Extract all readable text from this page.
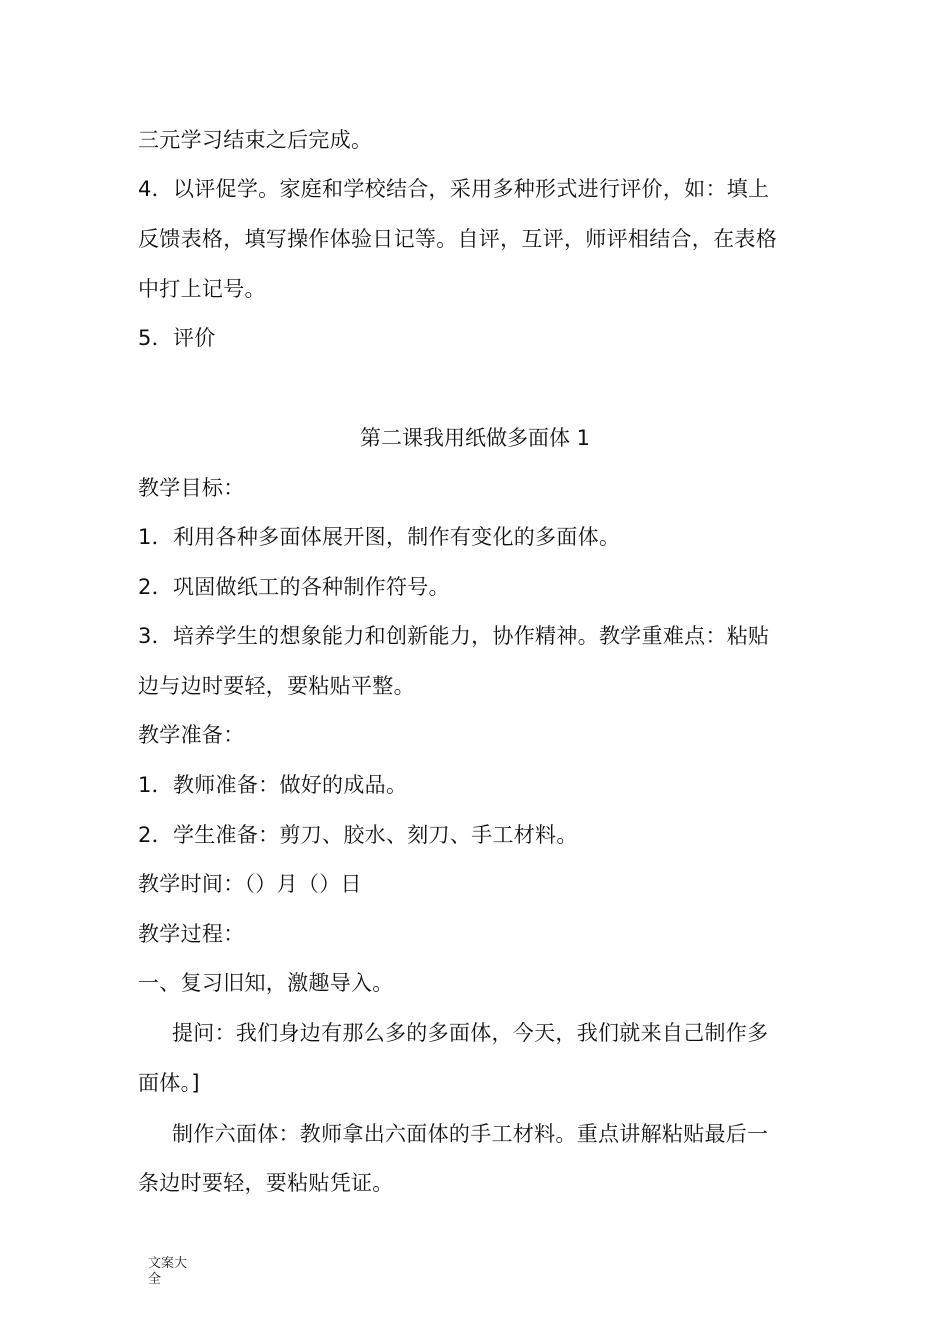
三元学习结束之后完成。
4．以评促学。家庭和学校结合，采用多种形式进行评价，如：填上
反馈表格，填写操作体验日记等。自评，互评，师评相结合，在表格
中打上记号。
5．评价
第二课我用纸做多面体 1
教学目标：
1．利用各种多面体展开图，制作有变化的多面体。
2．巩固做纸工的各种制作符号。
3．培养学生的想象能力和创新能力，协作精神。教学重难点：粘贴
边与边时要轻，要粘贴平整。
教学准备：
1．教师准备：做好的成品。
2．学生准备：剪刀、胶水、刻刀、手工材料。
教学时间：（）月（）日
教学过程：
一、复习旧知，激趣导入。
提问：我们身边有那么多的多面体，今天，我们就来自己制作多
面体。]
制作六面体：教师拿出六面体的手工材料。重点讲解粘贴最后一
条边时要轻，要粘贴凭证。
文案大
全
